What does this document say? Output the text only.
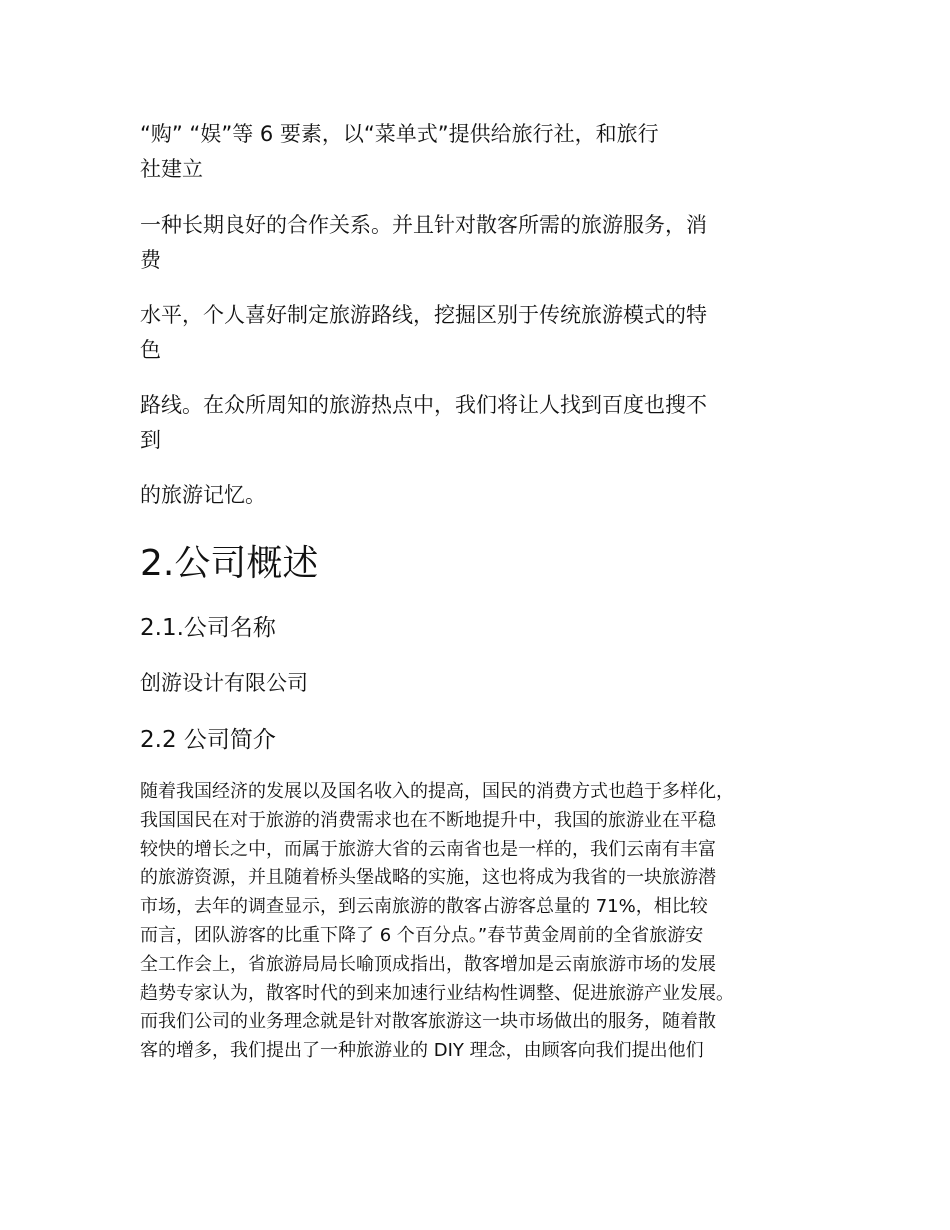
“购” “娱”等 6 要素，以“菜单式”提供给旅行社，和旅行
社建立

一种长期良好的合作关系。并且针对散客所需的旅游服务，消
费

水平，个人喜好制定旅游路线，挖掘区别于传统旅游模式的特
色

路线。在众所周知的旅游热点中，我们将让人找到百度也搜不
到

的旅游记忆。

2.公司概述
2.1.公司名称

创游设计有限公司

2.2 公司简介

随着我国经济的发展以及国名收入的提高，国民的消费方式也趋于多样化，
我国国民在对于旅游的消费需求也在不断地提升中，我国的旅游业在平稳
较快的增长之中，而属于旅游大省的云南省也是一样的，我们云南有丰富
的旅游资源，并且随着桥头堡战略的实施，这也将成为我省的一块旅游潜
市场，去年的调查显示，到云南旅游的散客占游客总量的 71%，相比较
而言，团队游客的比重下降了 6 个百分点。”春节黄金周前的全省旅游安
全工作会上，省旅游局局长喻顶成指出，散客增加是云南旅游市场的发展
趋势专家认为，散客时代的到来加速行业结构性调整、促进旅游产业发展。
而我们公司的业务理念就是针对散客旅游这一块市场做出的服务，随着散
客的增多，我们提出了一种旅游业的 DIY 理念，由顾客向我们提出他们
